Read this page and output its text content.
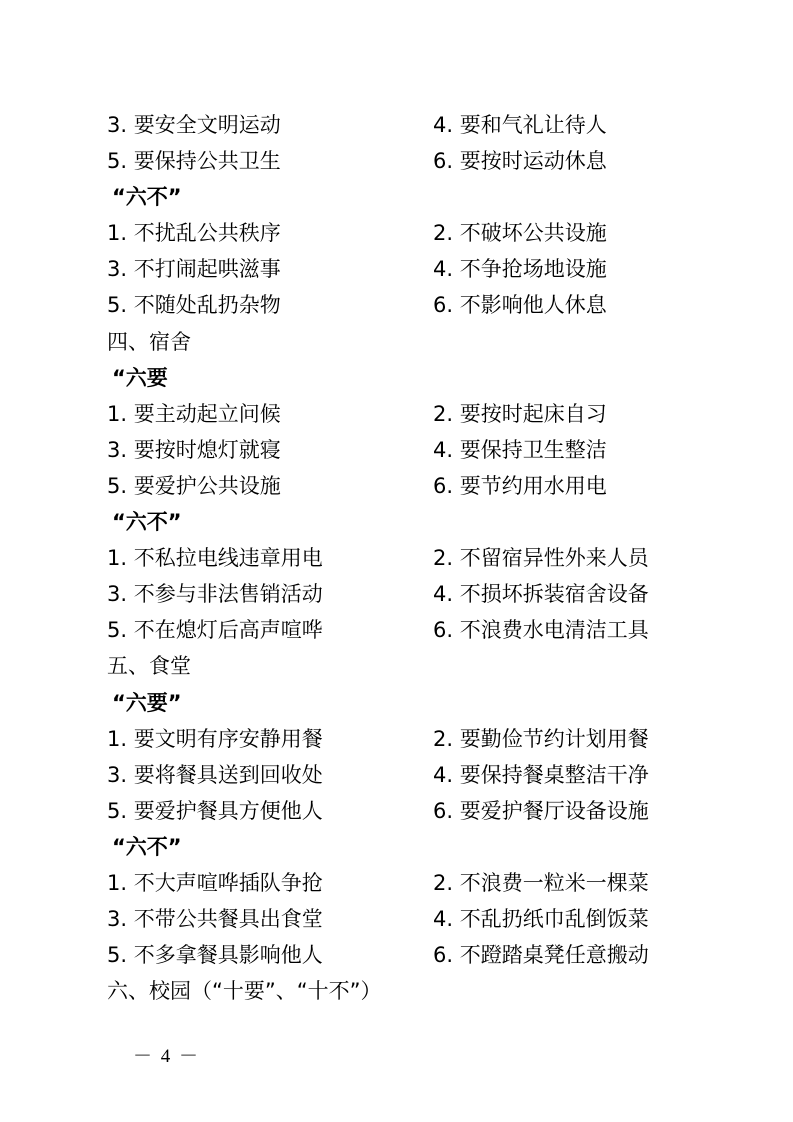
3. 要安全文明运动	4. 要和气礼让待人
5. 要保持公共卫生	6. 要按时运动休息
“六不”
1. 不扰乱公共秩序	2. 不破坏公共设施
3. 不打闹起哄滋事	4. 不争抢场地设施
5. 不随处乱扔杂物	6. 不影响他人休息
四、宿舍
“六要
1. 要主动起立问候	2. 要按时起床自习
3. 要按时熄灯就寝	4. 要保持卫生整洁
5. 要爱护公共设施	6. 要节约用水用电
“六不”
1. 不私拉电线违章用电	2. 不留宿异性外来人员
3. 不参与非法售销活动	4. 不损坏拆装宿舍设备
5. 不在熄灯后高声喧哗	6. 不浪费水电清洁工具
五、食堂
“六要”
1. 要文明有序安静用餐	2. 要勤俭节约计划用餐
3. 要将餐具送到回收处	4. 要保持餐桌整洁干净
5. 要爱护餐具方便他人	6. 要爱护餐厅设备设施
“六不”
1. 不大声喧哗插队争抢	2. 不浪费一粒米一棵菜
3. 不带公共餐具出食堂	4. 不乱扔纸巾乱倒饭菜
5. 不多拿餐具影响他人	6. 不蹬踏桌凳任意搬动
六、校园（“十要”、“十不”）
－ 4 －
